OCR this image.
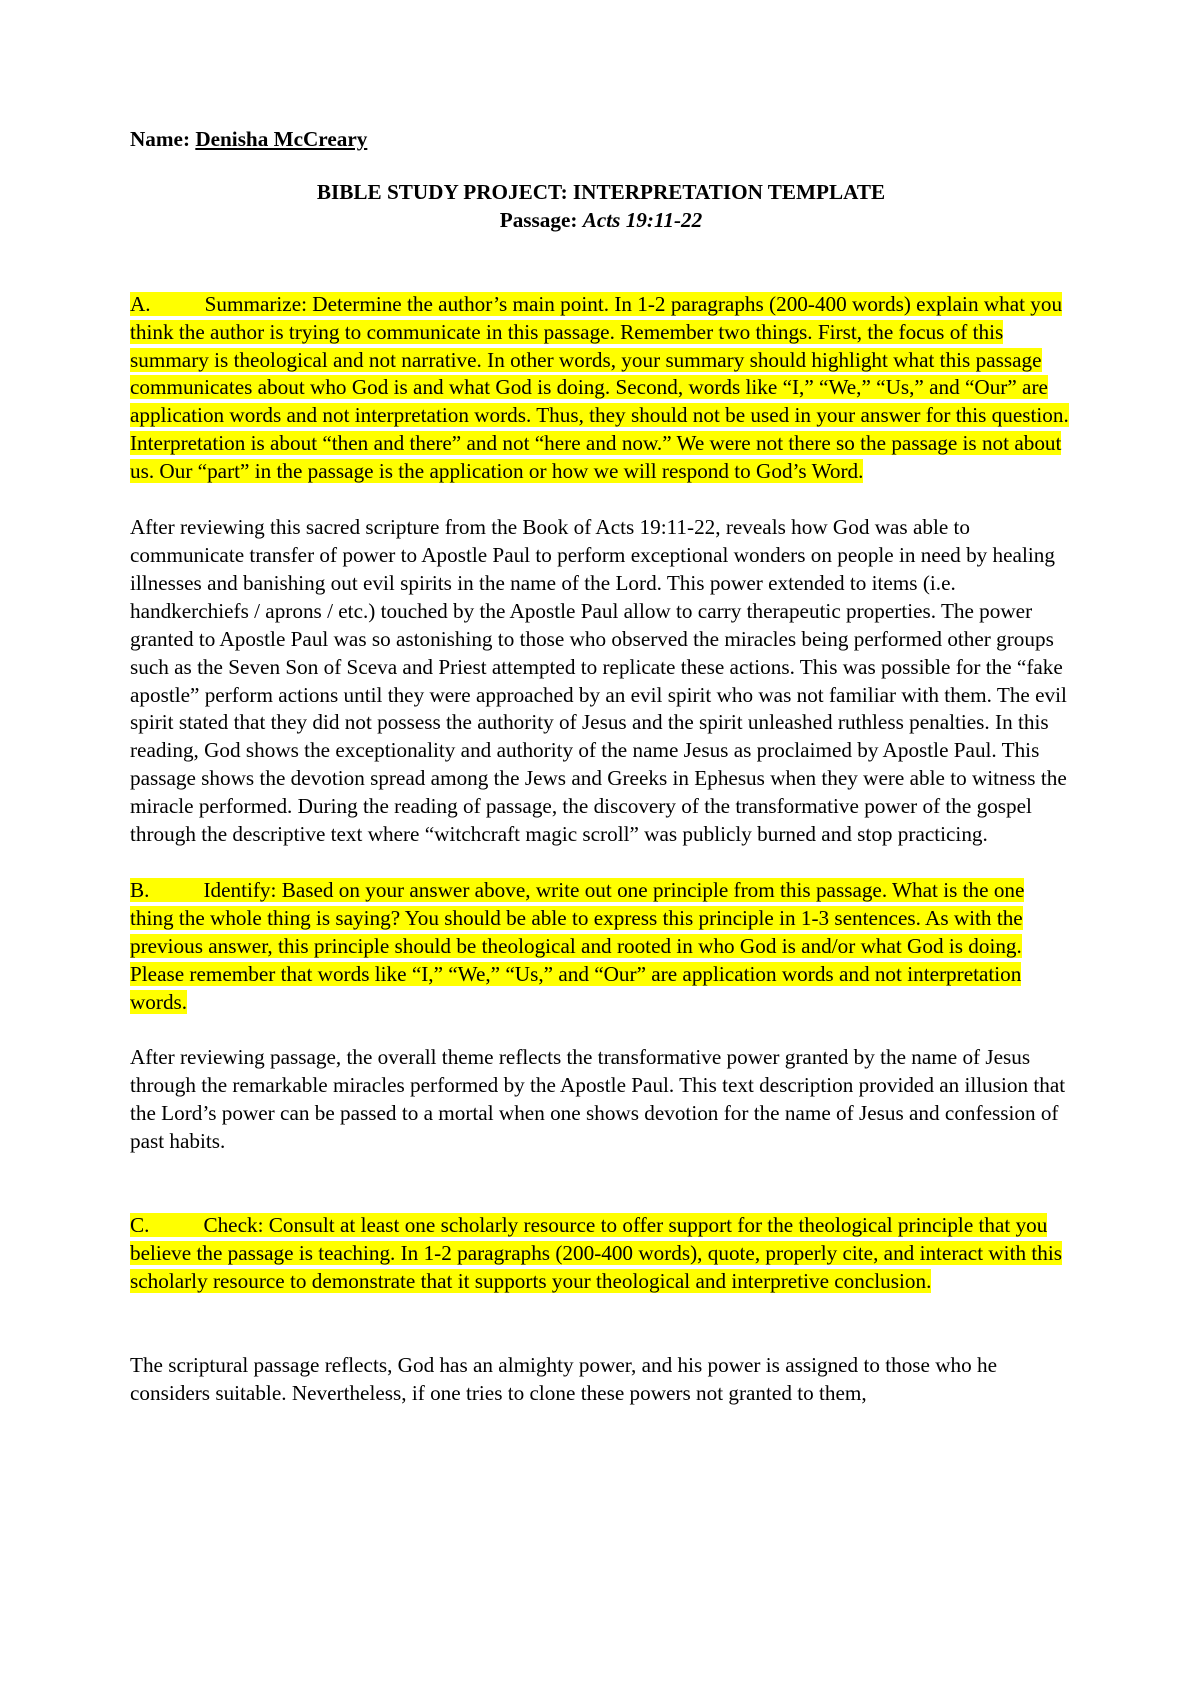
Name: Denisha McCreary

BIBLE STUDY PROJECT: INTERPRETATION TEMPLATE

Passage: Acts 19:11-22

A.	Summarize: Determine the author’s main point. In 1-2 paragraphs (200-400 words) explain what you think the author is trying to communicate in this passage. Remember two things. First, the focus of this summary is theological and not narrative. In other words, your summary should highlight what this passage communicates about who God is and what God is doing. Second, words like “I,” “We,” “Us,” and “Our” are application words and not interpretation words. Thus, they should not be used in your answer for this question. Interpretation is about “then and there” and not “here and now.” We were not there so the passage is not about us. Our “part” in the passage is the application or how we will respond to God’s Word.

After reviewing this sacred scripture from the Book of Acts 19:11-22, reveals how God was able to communicate transfer of power to Apostle Paul to perform exceptional wonders on people in need by healing illnesses and banishing out evil spirits in the name of the Lord. This power extended to items (i.e. handkerchiefs / aprons / etc.) touched by the Apostle Paul allow to carry therapeutic properties. The power granted to Apostle Paul was so astonishing to those who observed the miracles being performed other groups such as the Seven Son of Sceva and Priest attempted to replicate these actions. This was possible for the “fake apostle” perform actions until they were approached by an evil spirit who was not familiar with them. The evil spirit stated that they did not possess the authority of Jesus and the spirit unleashed ruthless penalties. In this reading, God shows the exceptionality and authority of the name Jesus as proclaimed by Apostle Paul. This passage shows the devotion spread among the Jews and Greeks in Ephesus when they were able to witness the miracle performed. During the reading of passage, the discovery of the transformative power of the gospel through the descriptive text where “witchcraft magic scroll” was publicly burned and stop practicing.

B.	Identify: Based on your answer above, write out one principle from this passage. What is the one thing the whole thing is saying? You should be able to express this principle in 1-3 sentences. As with the previous answer, this principle should be theological and rooted in who God is and/or what God is doing. Please remember that words like “I,” “We,” “Us,” and “Our” are application words and not interpretation words.

After reviewing passage, the overall theme reflects the transformative power granted by the name of Jesus through the remarkable miracles performed by the Apostle Paul. This text description provided an illusion that the Lord’s power can be passed to a mortal when one shows devotion for the name of Jesus and confession of past habits.

C.	Check: Consult at least one scholarly resource to offer support for the theological principle that you believe the passage is teaching. In 1-2 paragraphs (200-400 words), quote, properly cite, and interact with this scholarly resource to demonstrate that it supports your theological and interpretive conclusion.

The scriptural passage reflects, God has an almighty power, and his power is assigned to those who he considers suitable. Nevertheless, if one tries to clone these powers not granted to them,
